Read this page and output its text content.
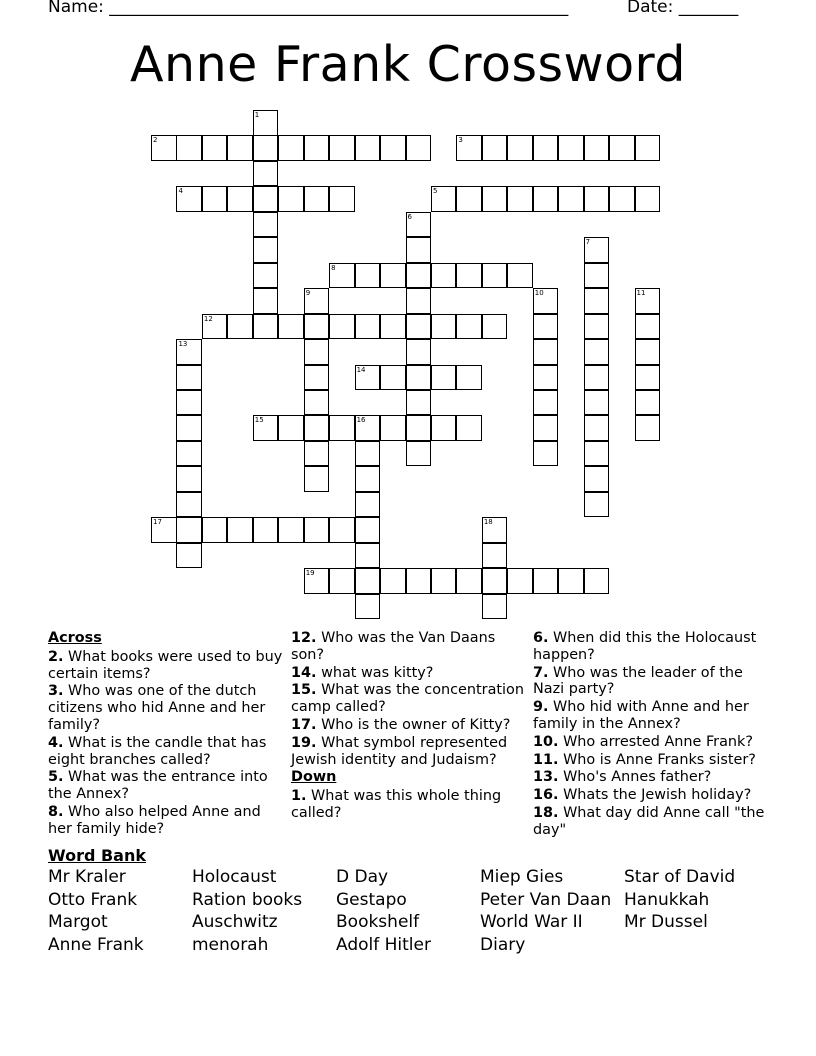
Name: ______________________________________________________	Date: _______
Anne Frank Crossword
1
2	3
4	5
6
7
8
9	10	11
12
13
14
15	16
17	18
19
Across
2. What books were used to buy certain items?
3. Who was one of the dutch citizens who hid Anne and her family?
4. What is the candle that has eight branches called?
5. What was the entrance into the Annex?
8. Who also helped Anne and her family hide?
12. Who was the Van Daans son?
14. what was kitty?
15. What was the concentration camp called?
17. Who is the owner of Kitty?
19. What symbol represented Jewish identity and Judaism?
Down
1. What was this whole thing called?
6. When did this the Holocaust happen?
7. Who was the leader of the Nazi party?
9. Who hid with Anne and her family in the Annex?
10. Who arrested Anne Frank?
11. Who is Anne Franks sister?
13. Who's Annes father?
16. Whats the Jewish holiday?
18. What day did Anne call "the day"
Word Bank
Mr Kraler
Otto Frank
Margot
Anne Frank
Holocaust
Ration books
Auschwitz
menorah
D Day
Gestapo
Bookshelf
Adolf Hitler
Miep Gies
Peter Van Daan
World War II
Diary
Star of David
Hanukkah
Mr Dussel
